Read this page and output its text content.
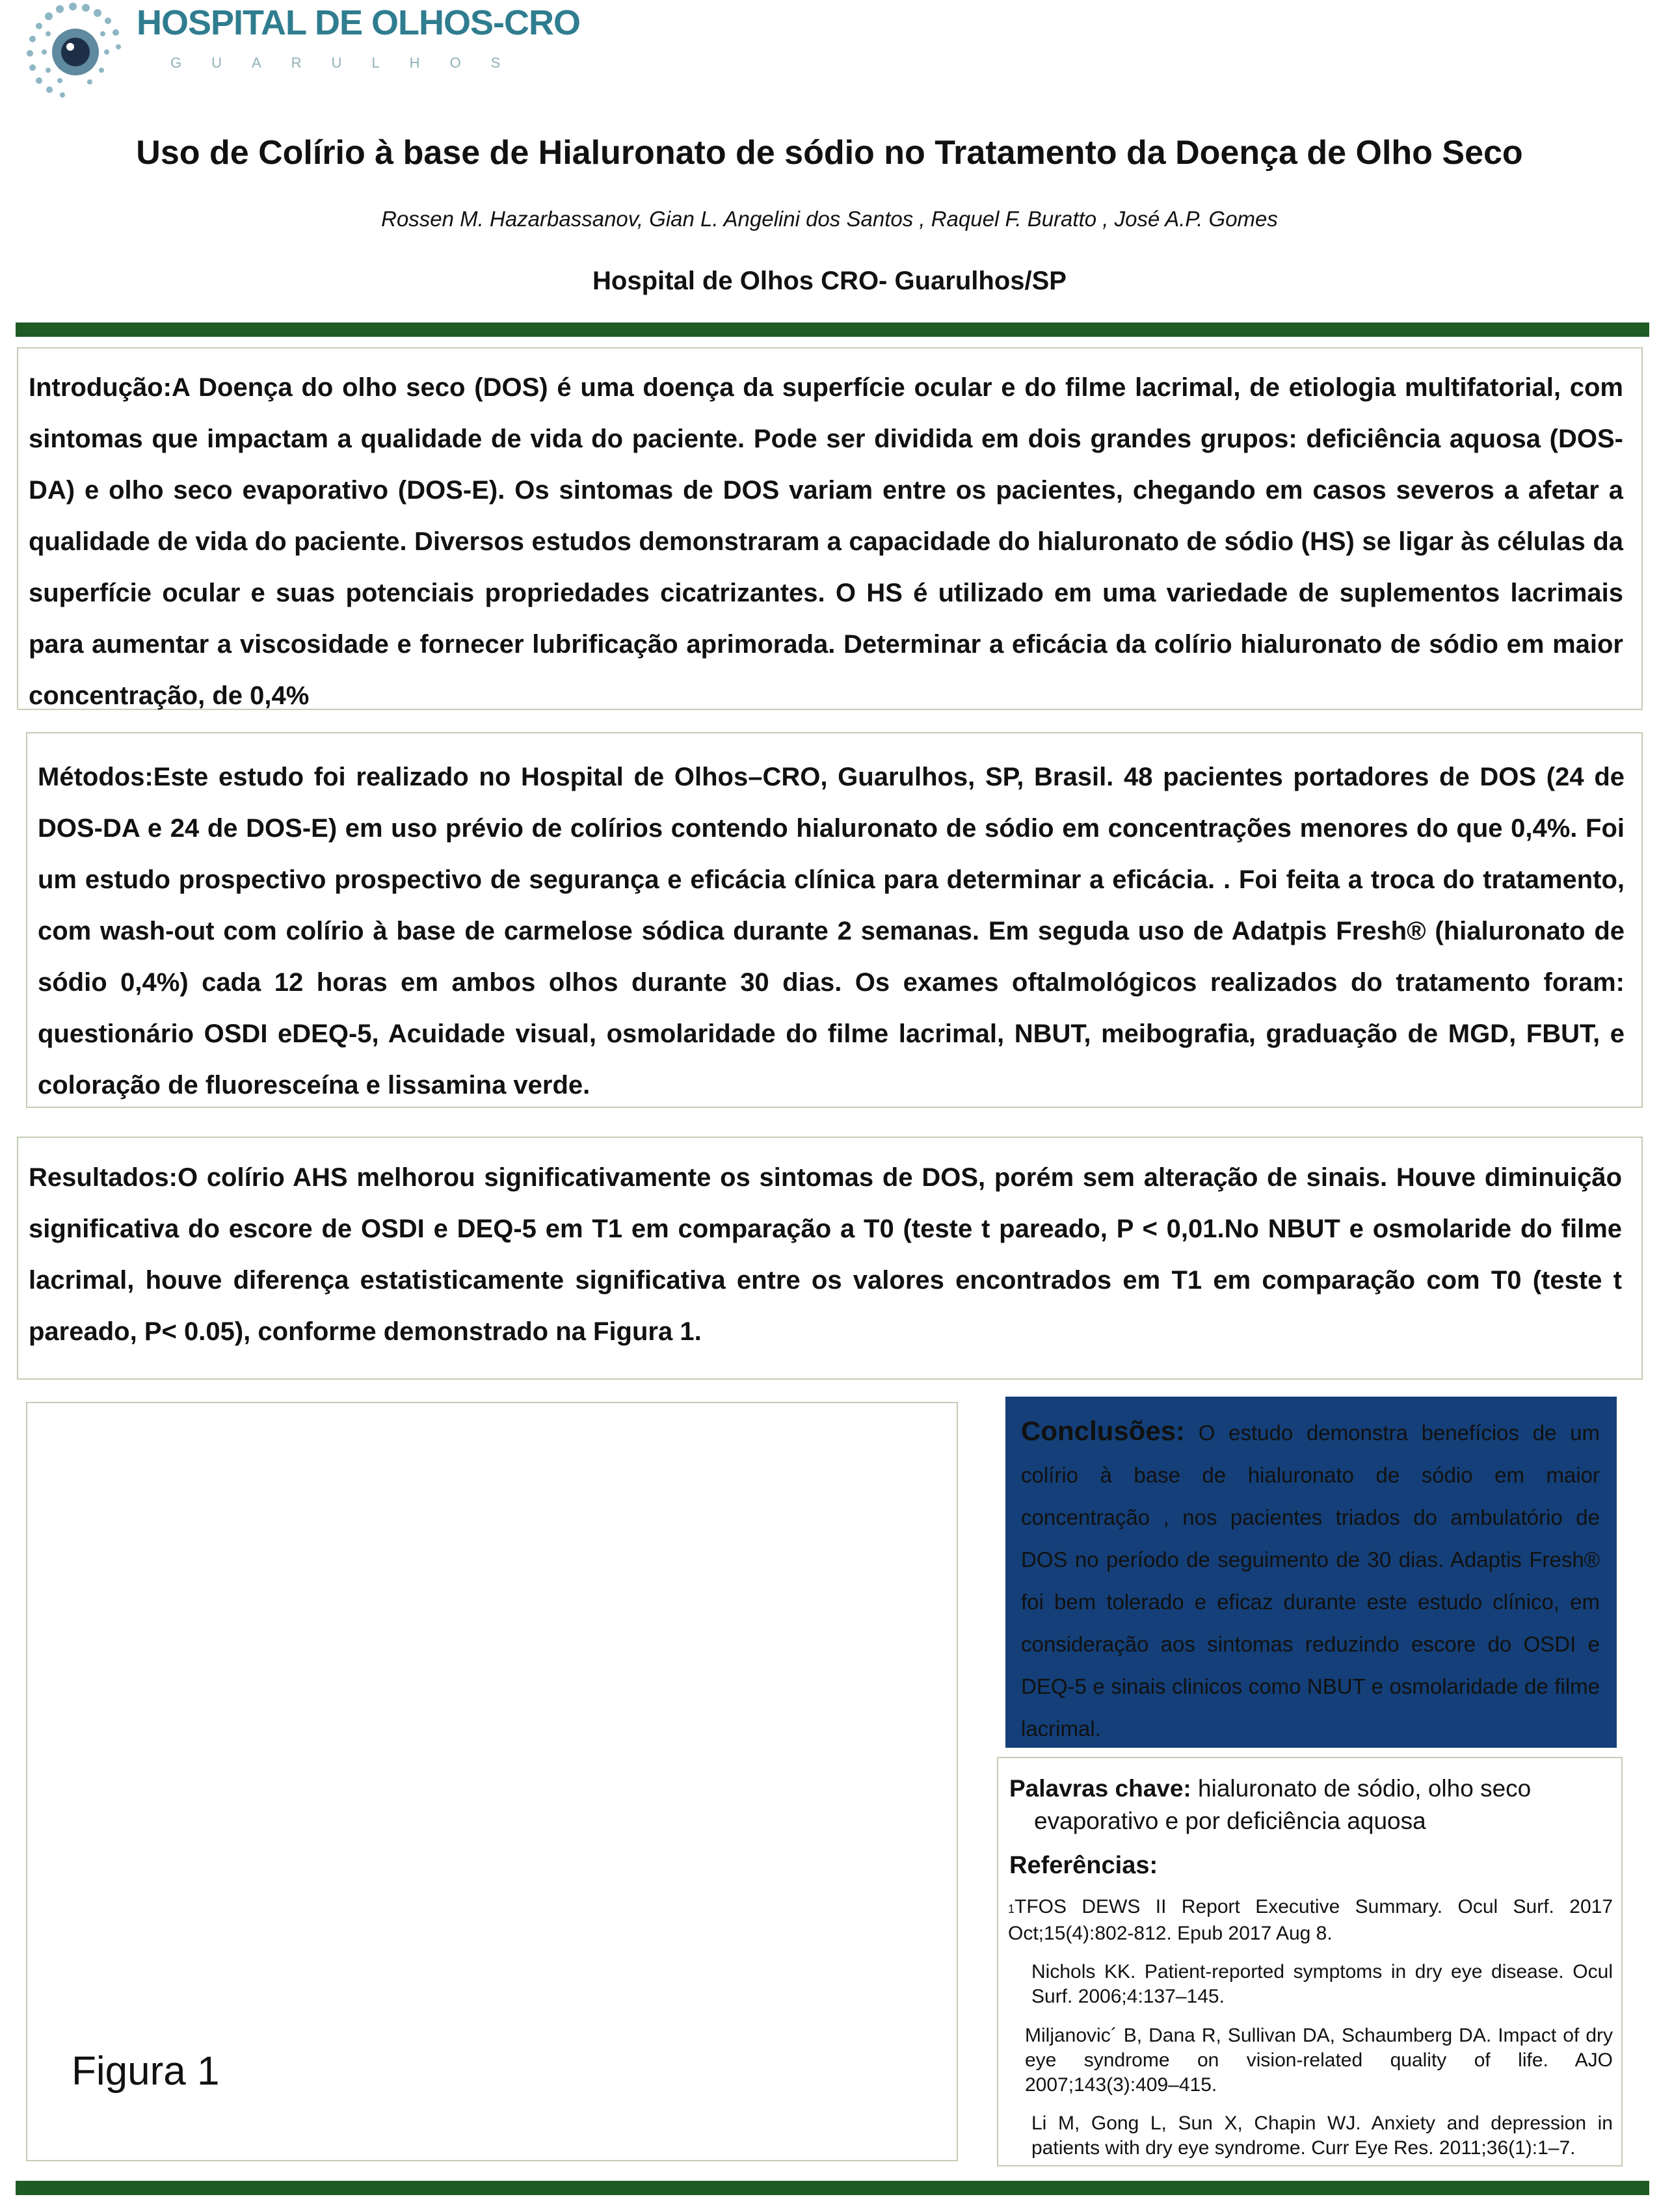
HOSPITAL DE OLHOS-CRO
GUARULHOS
Uso de Colírio à base de Hialuronato de sódio no Tratamento da Doença de Olho Seco
Rossen M. Hazarbassanov, Gian L. Angelini dos Santos , Raquel F. Buratto , José A.P. Gomes
Hospital de Olhos CRO- Guarulhos/SP
Introdução:A Doença do olho seco (DOS) é uma doença da superfície ocular e do filme lacrimal, de etiologia multifatorial, com sintomas que impactam a qualidade de vida do paciente. Pode ser dividida em dois grandes grupos: deficiência aquosa (DOS- DA) e olho seco evaporativo (DOS-E). Os sintomas de DOS variam entre os pacientes, chegando em casos severos a afetar a qualidade de vida do paciente. Diversos estudos demonstraram a capacidade do hialuronato de sódio (HS) se ligar às células da superfície ocular e suas potenciais propriedades cicatrizantes. O HS é utilizado em uma variedade de suplementos lacrimais para aumentar a viscosidade e fornecer lubrificação aprimorada. Determinar a eficácia da colírio hialuronato de sódio em maior concentração, de 0,4%
Métodos:Este estudo foi realizado no Hospital de Olhos–CRO, Guarulhos, SP, Brasil. 48 pacientes portadores de DOS (24 de DOS-DA e 24 de DOS-E) em uso prévio de colírios contendo hialuronato de sódio em concentrações menores do que 0,4%. Foi um estudo prospectivo prospectivo de segurança e eficácia clínica para determinar a eficácia. . Foi feita a troca do tratamento, com wash-out com colírio à base de carmelose sódica durante 2 semanas. Em seguda uso de Adatpis Fresh® (hialuronato de sódio 0,4%) cada 12 horas em ambos olhos durante 30 dias. Os exames oftalmológicos realizados do tratamento foram: questionário OSDI eDEQ-5, Acuidade visual, osmolaridade do filme lacrimal, NBUT, meibografia, graduação de MGD, FBUT, e coloração de fluoresceína e lissamina verde.
Resultados:O colírio AHS melhorou significativamente os sintomas de DOS, porém sem alteração de sinais. Houve diminuição significativa do escore de OSDI e DEQ-5 em T1 em comparação a T0 (teste t pareado, P < 0,01.No NBUT e osmolaride do filme lacrimal, houve diferença estatisticamente significativa entre os valores encontrados em T1 em comparação com T0 (teste t pareado, P< 0.05), conforme demonstrado na Figura 1.
Figura 1
Conclusões: O estudo demonstra benefícios de um colírio à base de hialuronato de sódio em maior concentração , nos pacientes triados do ambulatório de DOS no período de seguimento de 30 dias. Adaptis Fresh® foi bem tolerado e eficaz durante este estudo clínico, em consideração aos sintomas reduzindo escore do OSDI e DEQ-5 e sinais clinicos como NBUT e osmolaridade de filme lacrimal.
Palavras chave: hialuronato de sódio, olho seco
evaporativo e por deficiência aquosa
Referências:
1TFOS DEWS II Report Executive Summary. Ocul Surf. 2017 Oct;15(4):802-812. Epub 2017 Aug 8.
Nichols KK. Patient-reported symptoms in dry eye disease. Ocul Surf. 2006;4:137–145.
Miljanovic´ B, Dana R, Sullivan DA, Schaumberg DA. Impact of dry eye syndrome on vision-related quality of life. AJO 2007;143(3):409–415.
Li M, Gong L, Sun X, Chapin WJ. Anxiety and depression in patients with dry eye syndrome. Curr Eye Res. 2011;36(1):1–7.
